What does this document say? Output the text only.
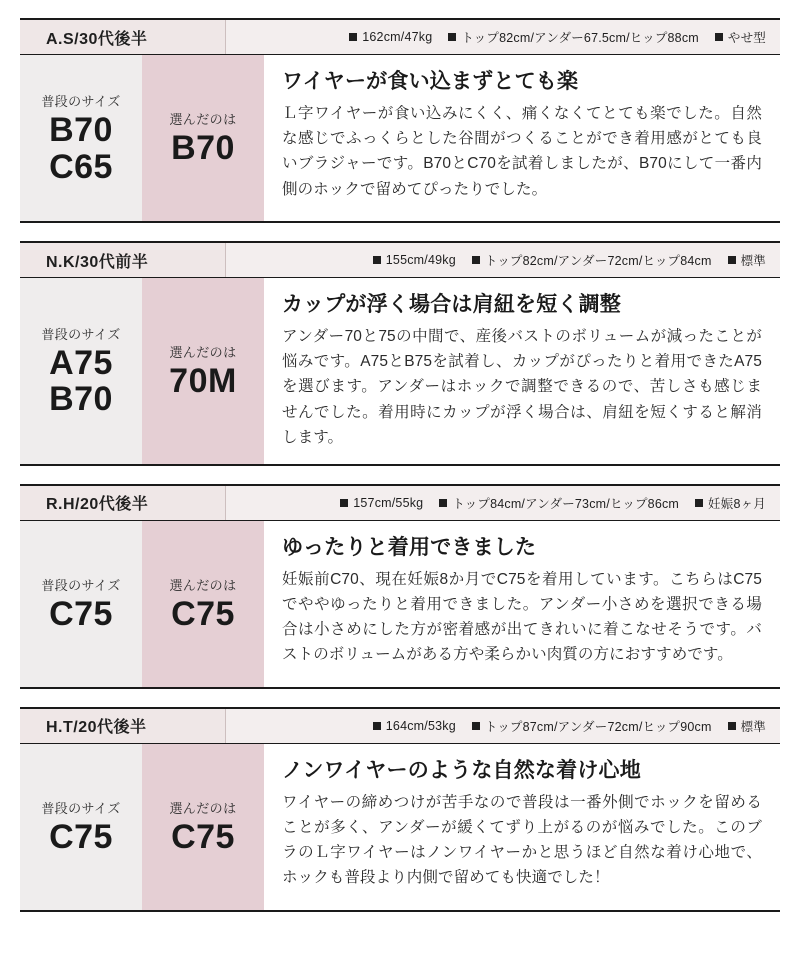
A.S/30代後半	162cm/47kg トップ82cm/アンダー67.5cm/ヒップ88cm やせ型
普段のサイズ
B70
C65
選んだのは
B70
ワイヤーが食い込まずとても楽

Ｌ字ワイヤーが食い込みにくく、痛くなくてとても楽でした。自然な感じでふっくらとした谷間がつくることができ着用感がとても良いブラジャーです。B70とC70を試着しましたが、B70にして一番内側のホックで留めてぴったりでした。

N.K/30代前半	155cm/49kg トップ82cm/アンダー72cm/ヒップ84cm 標準
普段のサイズ
A75
B70
選んだのは
70M
カップが浮く場合は肩紐を短く調整

アンダー70と75の中間で、産後バストのボリュームが減ったことが悩みです。A75とB75を試着し、カップがぴったりと着用できたA75を選びます。アンダーはホックで調整できるので、苦しさも感じませんでした。着用時にカップが浮く場合は、肩紐を短くすると解消します。

R.H/20代後半	157cm/55kg トップ84cm/アンダー73cm/ヒップ86cm 妊娠8ヶ月
普段のサイズ
C75
選んだのは
C75
ゆったりと着用できました

妊娠前C70、現在妊娠8か月でC75を着用しています。こちらはC75でややゆったりと着用できました。アンダー小さめを選択できる場合は小さめにした方が密着感が出てきれいに着こなせそうです。バストのボリュームがある方や柔らかい肉質の方におすすめです。

H.T/20代後半	164cm/53kg トップ87cm/アンダー72cm/ヒップ90cm 標準
普段のサイズ
C75
選んだのは
C75
ノンワイヤーのような自然な着け心地

ワイヤーの締めつけが苦手なので普段は一番外側でホックを留めることが多く、アンダーが緩くてずり上がるのが悩みでした。このブラのＬ字ワイヤーはノンワイヤーかと思うほど自然な着け心地で、ホックも普段より内側で留めても快適でした！
